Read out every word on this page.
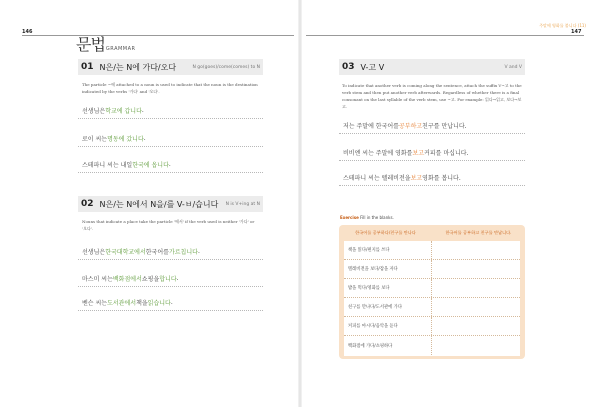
146
문법 GRAMMAR
주말에 영화를 봅니다 (11)
147
01 N은/는 N에 가다/오다	N go(goes)/come(comes) to N
The particle ~에 attached to a noun is used to indicate that the noun is the destination indicated by the verbs '가다' and '오다'.
선생님은 학교에 갑니다 .
로이 씨는 명동에 갔니다 .
스테파니 씨는 내일 한국에 옵니다 .
02 N은/는 N에서 N을/를 V-ㅂ/습니다 N is V+ing at N
Nouns that indicate a place take the particle '에서' if the verb used is neither '가다' or '오다'.
선생님은 한국대학교에서 한국어를 가르칩니다 .
마스미 씨는 백화점에서 쇼핑을 합니다 .
벤슨 씨는 도서관에서 책을 읽습니다 .
03 V-고 V	V and V
To indicate that another verb is coming along the sentence, attach the suffix V~고 to the verb stem and then put another verb afterwards. Regardless of whether there is a final consonant on the last syllable of the verb stem, use ~고. For example: 읽다→읽고, 보다→보고.
저는 주말에 한국어를 공부하고 친구를 만납니다.
비비엔 씨는 주말에 영화를 보고 커피를 마십니다.
스테파니 씨는 텔레비전을 보고 영화를 봅니다.
Exercise Fill in the blanks.
한국어를 공부하다/친구를 만나다	한국어를 공부하고 친구를 만납니다.
책을 읽다/편지를 쓰다
텔레비전을 보다/잠을 자다
밥을 먹다/영화를 보다
친구를 만나다/도서관에 가다
커피를 마시다/음악을 듣다
백화점에 가다/쇼핑하다
